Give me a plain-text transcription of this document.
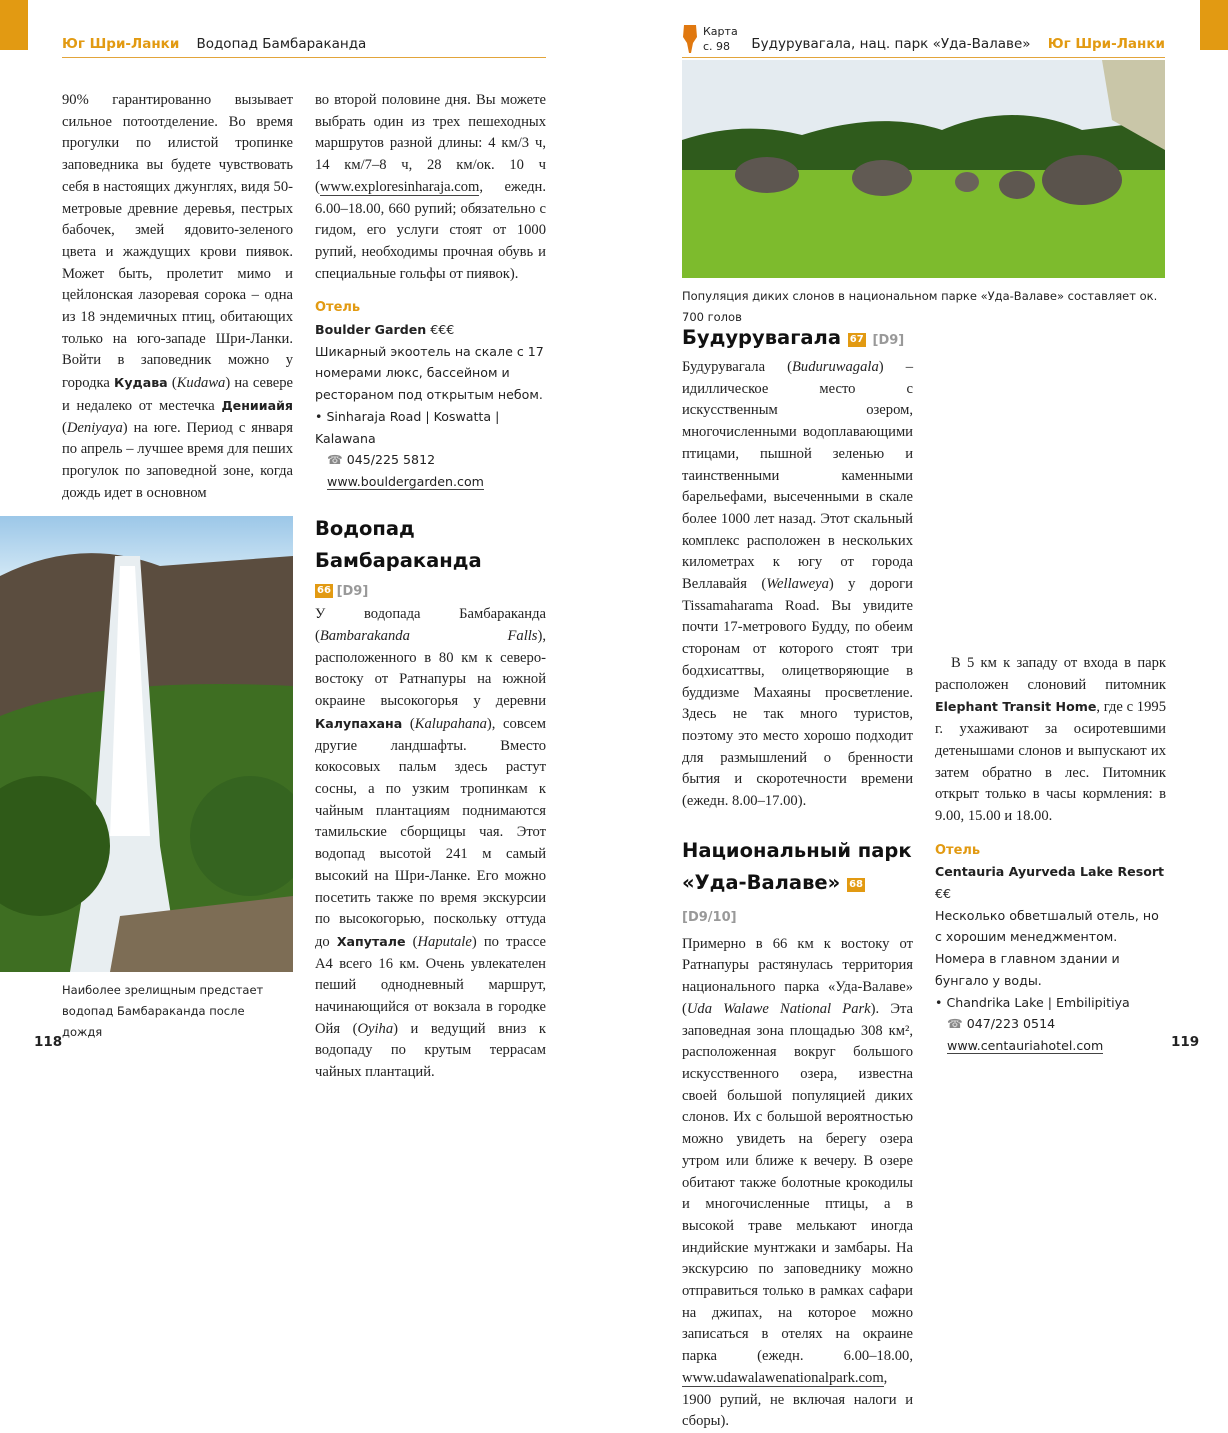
Юг Шри-Ланки Водопад Бамбараканда

90% гарантированно вызывает сильное потоотделение. Во время прогулки по илистой тропинке заповедника вы будете чувствовать себя в настоящих джунглях, видя 50-метровые древние деревья, пестрых бабочек, змей ядовито-зеленого цвета и жаждущих крови пиявок. Может быть, пролетит мимо и цейлонская лазоревая сорока – одна из 18 эндемичных птиц, обитающих только на юго-западе Шри-Ланки. Войти в заповедник можно у городка Кудава (Kudawa) на севере и недалеко от местечка Денииайя (Deniyaya) на юге. Период с января по апрель – лучшее время для пеших прогулок по заповедной зоне, когда дождь идет в основном

Наиболее зрелищным предстает водопад Бамбараканда после дождя

во второй половине дня. Вы можете выбрать один из трех пешеходных маршрутов разной длины: 4 км/3 ч, 14 км/7–8 ч, 28 км/ок. 10 ч (www.exploresinharaja.com, ежедн. 6.00–18.00, 660 рупий; обязательно с гидом, его услуги стоят от 1000 рупий, необходимы прочная обувь и специальные гольфы от пиявок).

Отель
Boulder Garden €€€
Шикарный экоотель на скале с 17 номерами люкс, бассейном и рестораном под открытым небом.
• Sinharaja Road | Koswatta | Kalawana
☎ 045/225 5812
www.bouldergarden.com
Водопад Бамбараканда
66 [D9]

У водопада Бамбараканда (Bambarakanda Falls), расположенного в 80 км к северо-востоку от Ратнапуры на южной окраине высокогорья у деревни Калупахана (Kalupahana), совсем другие ландшафты. Вместо кокосовых пальм здесь растут сосны, а по узким тропинкам к чайным плантациям поднимаются тамильские сборщицы чая. Этот водопад высотой 241 м самый высокий на Шри-Ланке. Его можно посетить также по время экскурсии по высокогорью, поскольку оттуда до Хапутале (Haputale) по трассе A4 всего 16 км. Очень увлекателен пеший однодневный маршрут, начинающийся от вокзала в городке Ойя (Oyiha) и ведущий вниз к водопаду по крутым террасам чайных плантаций.

118
Карта
с. 98	Будурувагала, нац. парк «Уда-Валаве» Юг Шри-Ланки
Популяция диких слонов в национальном парке «Уда-Валаве» составляет ок. 700 голов
Будурувагала 67 [D9]

Будурувагала (Buduruwagala) – идиллическое место с искусственным озером, многочисленными водоплавающими птицами, пышной зеленью и таинственными каменными барельефами, высеченными в скале более 1000 лет назад. Этот скальный комплекс расположен в нескольких километрах к югу от города Веллавайя (Wellaweya) у дороги Tissamaharama Road. Вы увидите почти 17-метрового Будду, по обеим сторонам от которого стоят три бодхисаттвы, олицетворяющие в буддизме Махаяны просветление. Здесь не так много туристов, поэтому это место хорошо подходит для размышлений о бренности бытия и скоротечности времени (ежедн. 8.00–17.00).

Национальный парк
«Уда-Валаве» 68 [D9/10]

Примерно в 66 км к востоку от Ратнапуры растянулась территория национального парка «Уда-Валаве» (Uda Walawe National Park). Эта заповедная зона площадью 308 км², расположенная вокруг большого искусственного озера, известна своей большой популяцией диких слонов. Их с большой вероятностью можно увидеть на берегу озера утром или ближе к вечеру. В озере обитают также болотные крокодилы и многочисленные птицы, а в высокой траве мелькают иногда индийские мунтжаки и замбары. На экскурсию по заповеднику можно отправиться только в рамках сафари на джипах, на которое можно записаться в отелях на окраине парка (ежедн. 6.00–18.00, www.udawalawenationalpark.com, 1900 рупий, не включая налоги и сборы).

В 5 км к западу от входа в парк расположен слоновий питомник Elephant Transit Home, где с 1995 г. ухаживают за осиротевшими детенышами слонов и выпускают их затем обратно в лес. Питомник открыт только в часы кормления: в 9.00, 15.00 и 18.00.

Отель
Centauria Ayurveda Lake Resort €€
Несколько обветшалый отель, но с хорошим менеджментом. Номера в главном здании и бунгало у воды.
• Chandrika Lake | Embilipitiya
☎ 047/223 0514
www.centauriahotel.com	119
